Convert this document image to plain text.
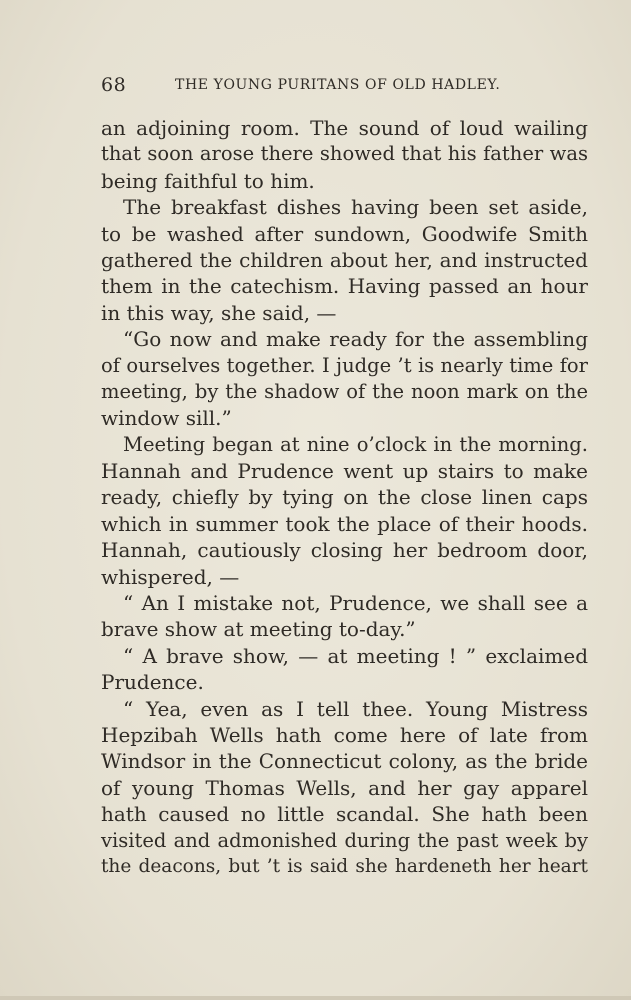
68	THE YOUNG PURITANS OF OLD HADLEY.
an adjoining room. The sound of loud wailing
that soon arose there showed that his father was
being faithful to him.
The breakfast dishes having been set aside,
to be washed after sundown, Goodwife Smith
gathered the children about her, and instructed
them in the catechism. Having passed an hour
in this way, she said, —
“Go now and make ready for the assembling
of ourselves together. I judge ’t is nearly time for
meeting, by the shadow of the noon mark on the
window sill.”
Meeting began at nine o’clock in the morning.
Hannah and Prudence went up stairs to make
ready, chiefly by tying on the close linen caps
which in summer took the place of their hoods.
Hannah, cautiously closing her bedroom door,
whispered, —
“ An I mistake not, Prudence, we shall see a
brave show at meeting to-day.”
“ A brave show, — at meeting ! ” exclaimed
Prudence.
“ Yea, even as I tell thee. Young Mistress
Hepzibah Wells hath come here of late from
Windsor in the Connecticut colony, as the bride
of young Thomas Wells, and her gay apparel
hath caused no little scandal. She hath been
visited and admonished during the past week by
the deacons, but ’t is said she hardeneth her heart
